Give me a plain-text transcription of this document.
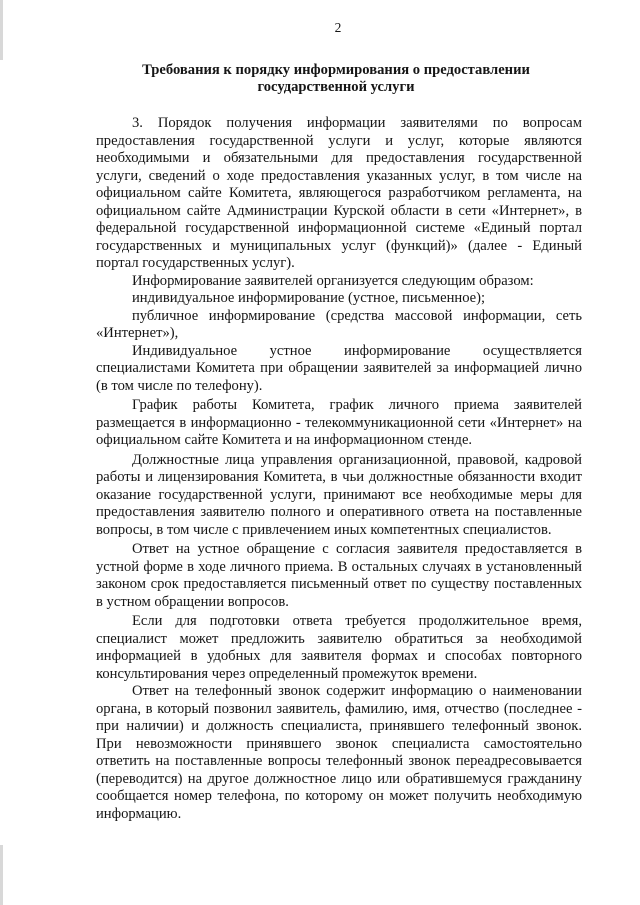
2
Требования к порядку информирования о предоставлении государственной услуги

3. Порядок получения информации заявителями по вопросам предоставления государственной услуги и услуг, которые являются необходимыми и обязательными для предоставления государственной услуги, сведений о ходе предоставления указанных услуг, в том числе на официальном сайте Комитета, являющегося разработчиком регламента, на официальном сайте Администрации Курской области в сети «Интернет», в федеральной государственной информационной системе «Единый портал государственных и муниципальных услуг (функций)» (далее - Единый портал государственных услуг).

Информирование заявителей организуется следующим образом:

индивидуальное информирование (устное, письменное);

публичное информирование (средства массовой информации, сеть «Интернет»),

Индивидуальное устное информирование осуществляется специалистами Комитета при обращении заявителей за информацией лично (в том числе по телефону).

График работы Комитета, график личного приема заявителей размещается в информационно - телекоммуникационной сети «Интернет» на официальном сайте Комитета и на информационном стенде.

Должностные лица управления организационной, правовой, кадровой работы и лицензирования Комитета, в чьи должностные обязанности входит оказание государственной услуги, принимают все необходимые меры для предоставления заявителю полного и оперативного ответа на поставленные вопросы, в том числе с привлечением иных компетентных специалистов.

Ответ на устное обращение с согласия заявителя предоставляется в устной форме в ходе личного приема. В остальных случаях в установленный законом срок предоставляется письменный ответ по существу поставленных в устном обращении вопросов.

Если для подготовки ответа требуется продолжительное время, специалист может предложить заявителю обратиться за необходимой информацией в удобных для заявителя формах и способах повторного консультирования через определенный промежуток времени.

Ответ на телефонный звонок содержит информацию о наименовании органа, в который позвонил заявитель, фамилию, имя, отчество (последнее - при наличии) и должность специалиста, принявшего телефонный звонок. При невозможности принявшего звонок специалиста самостоятельно ответить на поставленные вопросы телефонный звонок переадресовывается (переводится) на другое должностное лицо или обратившемуся гражданину сообщается номер телефона, по которому он может получить необходимую информацию.
